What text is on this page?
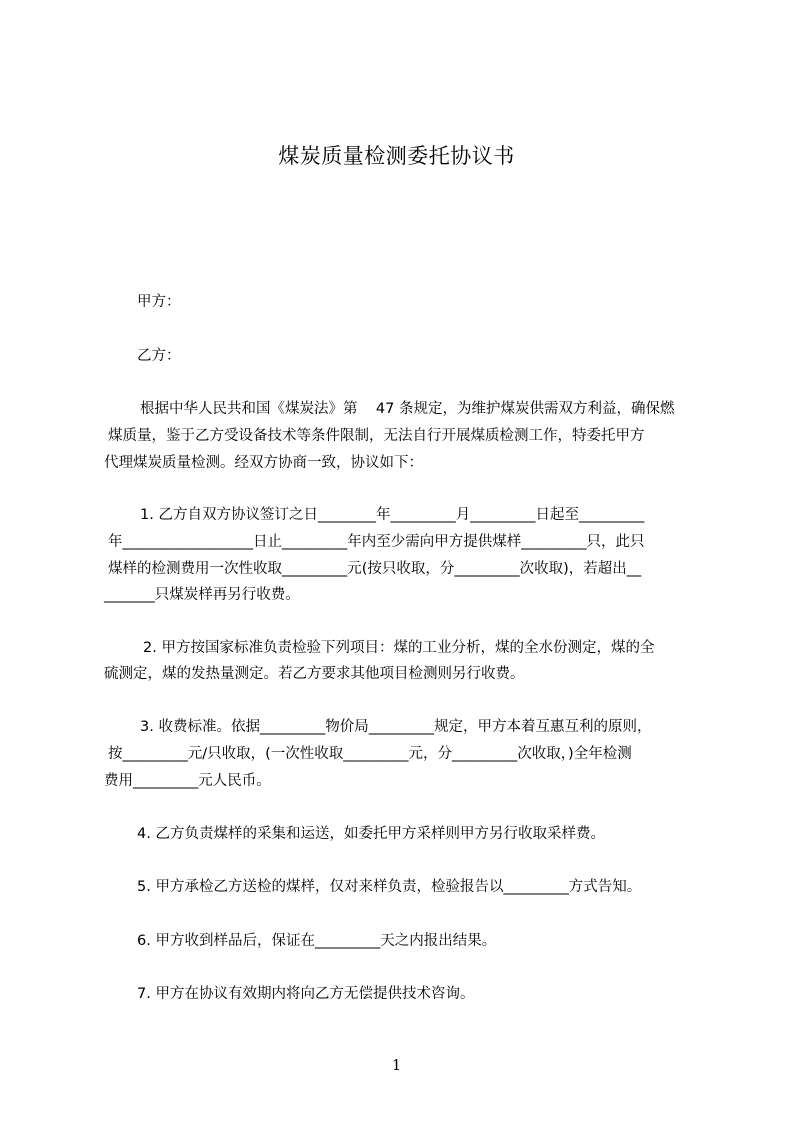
煤炭质量检测委托协议书
甲方：
乙方：
根据中华人民共和国《煤炭法》第    47 条规定，为维护煤炭供需双方利益，确保燃
煤质量，鉴于乙方受设备技术等条件限制，无法自行开展煤质检测工作，特委托甲方
代理煤炭质量检测。经双方协商一致，协议如下：
1. 乙方自双方协议签订之日________年_________月_________日起至_________
年__________________日止_________年内至少需向甲方提供煤样_________只，此只
煤样的检测费用一次性收取_________元(按只收取，分_________次收取)，若超出__
_______只煤炭样再另行收费。
2. 甲方按国家标准负责检验下列项目：煤的工业分析，煤的全水份测定，煤的全
硫测定，煤的发热量测定。若乙方要求其他项目检测则另行收费。
3. 收费标准。依据_________物价局_________规定，甲方本着互惠互利的原则，
按_________元/只收取，(一次性收取_________元，分_________次收取，)全年检测
费用_________元人民币。
4. 乙方负责煤样的采集和运送，如委托甲方采样则甲方另行收取采样费。
5. 甲方承检乙方送检的煤样，仅对来样负责，检验报告以_________方式告知。
6. 甲方收到样品后，保证在_________天之内报出结果。
7. 甲方在协议有效期内将向乙方无偿提供技术咨询。
1
